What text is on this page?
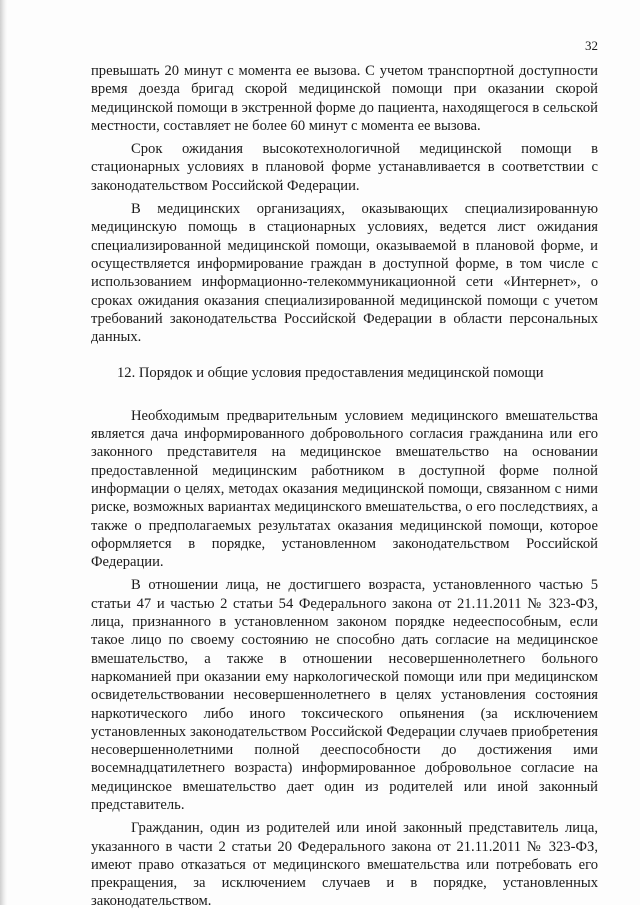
32

превышать 20 минут с момента ее вызова. С учетом транспортной доступности время доезда бригад скорой медицинской помощи при оказании скорой медицинской помощи в экстренной форме до пациента, находящегося в сельской местности, составляет не более 60 минут с момента ее вызова.

Срок ожидания высокотехнологичной медицинской помощи в стационарных условиях в плановой форме устанавливается в соответствии с законодательством Российской Федерации.

В медицинских организациях, оказывающих специализированную медицинскую помощь в стационарных условиях, ведется лист ожидания специализированной медицинской помощи, оказываемой в плановой форме, и осуществляется информирование граждан в доступной форме, в том числе с использованием информационно-телекоммуникационной сети «Интернет», о сроках ожидания оказания специализированной медицинской помощи с учетом требований законодательства Российской Федерации в области персональных данных.

12. Порядок и общие условия предоставления медицинской помощи

Необходимым предварительным условием медицинского вмешательства является дача информированного добровольного согласия гражданина или его законного представителя на медицинское вмешательство на основании предоставленной медицинским работником в доступной форме полной информации о целях, методах оказания медицинской помощи, связанном с ними риске, возможных вариантах медицинского вмешательства, о его последствиях, а также о предполагаемых результатах оказания медицинской помощи, которое оформляется в порядке, установленном законодательством Российской Федерации.

В отношении лица, не достигшего возраста, установленного частью 5 статьи 47 и частью 2 статьи 54 Федерального закона от 21.11.2011 № 323-ФЗ, лица, признанного в установленном законом порядке недееспособным, если такое лицо по своему состоянию не способно дать согласие на медицинское вмешательство, а также в отношении несовершеннолетнего больного наркоманией при оказании ему наркологической помощи или при медицинском освидетельствовании несовершеннолетнего в целях установления состояния наркотического либо иного токсического опьянения (за исключением установленных законодательством Российской Федерации случаев приобретения несовершеннолетними полной дееспособности до достижения ими восемнадцатилетнего возраста) информированное добровольное согласие на медицинское вмешательство дает один из родителей или иной законный представитель.

Гражданин, один из родителей или иной законный представитель лица, указанного в части 2 статьи 20 Федерального закона от 21.11.2011 № 323-ФЗ, имеют право отказаться от медицинского вмешательства или потребовать его прекращения, за исключением случаев и в порядке, установленных законодательством.
